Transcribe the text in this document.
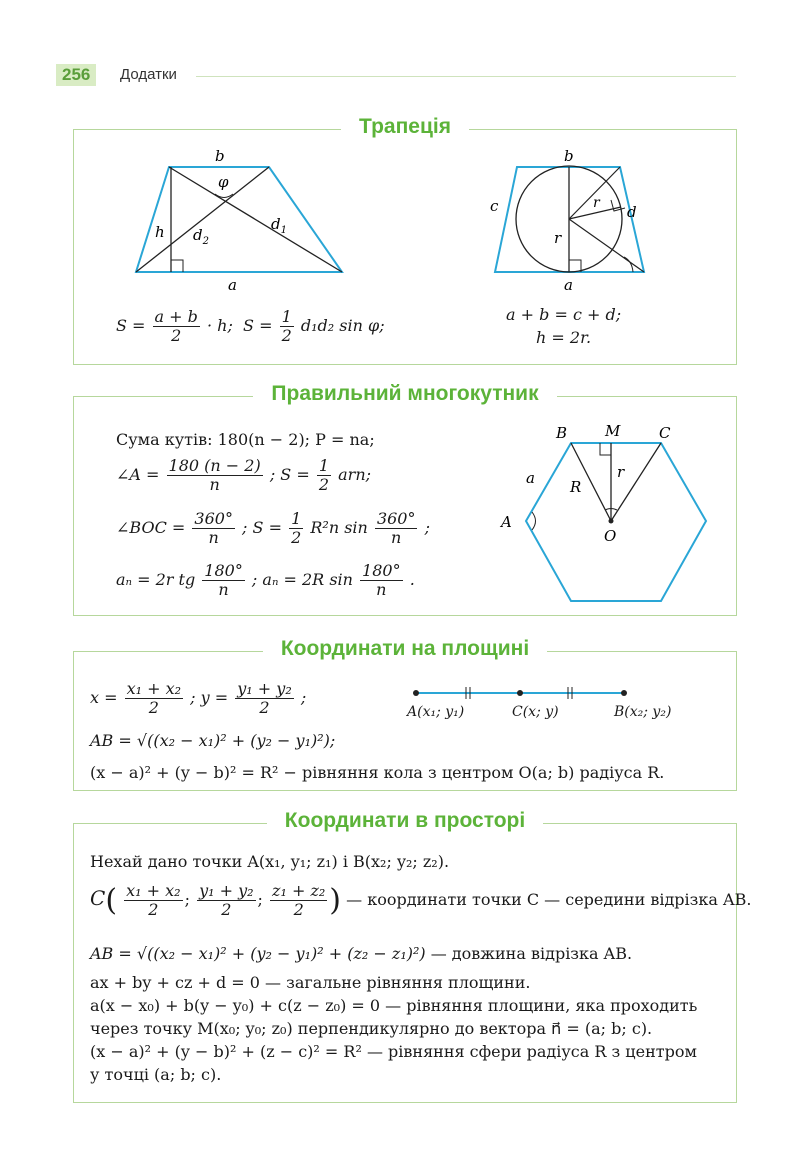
256	Додатки
Трапеція
b
φ
$d_1$
h $d_2$
a
b
c	r d
r
a
$S = \frac{a + b}{2} \cdot h$; $S = \frac{1}{2} d_1d_2$ sin φ;
a + b = c + d;
h = 2r.
Правильний многокутник
Сума кутів: 180(n − 2); P = na;
∠A = $\frac{180 (n - 2)}{n}$ ; $S = \frac{1}{2}$ arn;
∠BOC = $\frac{360^\circ}{n}$ ; $S = \frac{1}{2} R^2n$ $\sin \frac{360^\circ}{n}$ ;
aₙ = 2r tg $\frac{180^\circ}{n}$ ; aₙ = 2R $\sin \frac{180^\circ}{n}$ .
B	M	C
a R
r
A
O
Координати на площині
$x = \frac{\text{x₁ + x₂}}{2}$ ; $y = \frac{\text{y₁ + y₂}}{2}$ ;
AB = √((x₂ − x₁)² + (y₂ − y₁)²);
(x − a)² + (y − b)² = R² − рівняння кола з центром O(a; b) радіуса R.
A(x₁; y₁)	C(x; y)	B(x₂; y₂)
Координати в просторі
Нехай дано точки A(x₁, y₁; z₁) і B(x₂; y₂; z₂).
$C( \frac{\text{x₁ + x₂}}{2}$ ; $\frac{\text{y₁ + y₂}}{2}$ ; $\frac{\text{z₁ + z₂}}{2}$ ) — координати точки C — середини відрізка AB.
AB = √((x₂ − x₁)² + (y₂ − y₁)² + (z₂ − z₁)²) — довжина відрізка AB.
ax + by + cz + d = 0 — загальне рівняння площини.
a(x − x₀) + b(y − y₀) + c(z − z₀) = 0 — рівняння площини, яка проходить
через точку M(x₀; y₀; z₀) перпендикулярно до вектора n⃗ = (a; b; c).
(x − a)² + (y − b)² + (z − c)² = R² — рівняння сфери радіуса R з центром
у точці (a; b; c).
